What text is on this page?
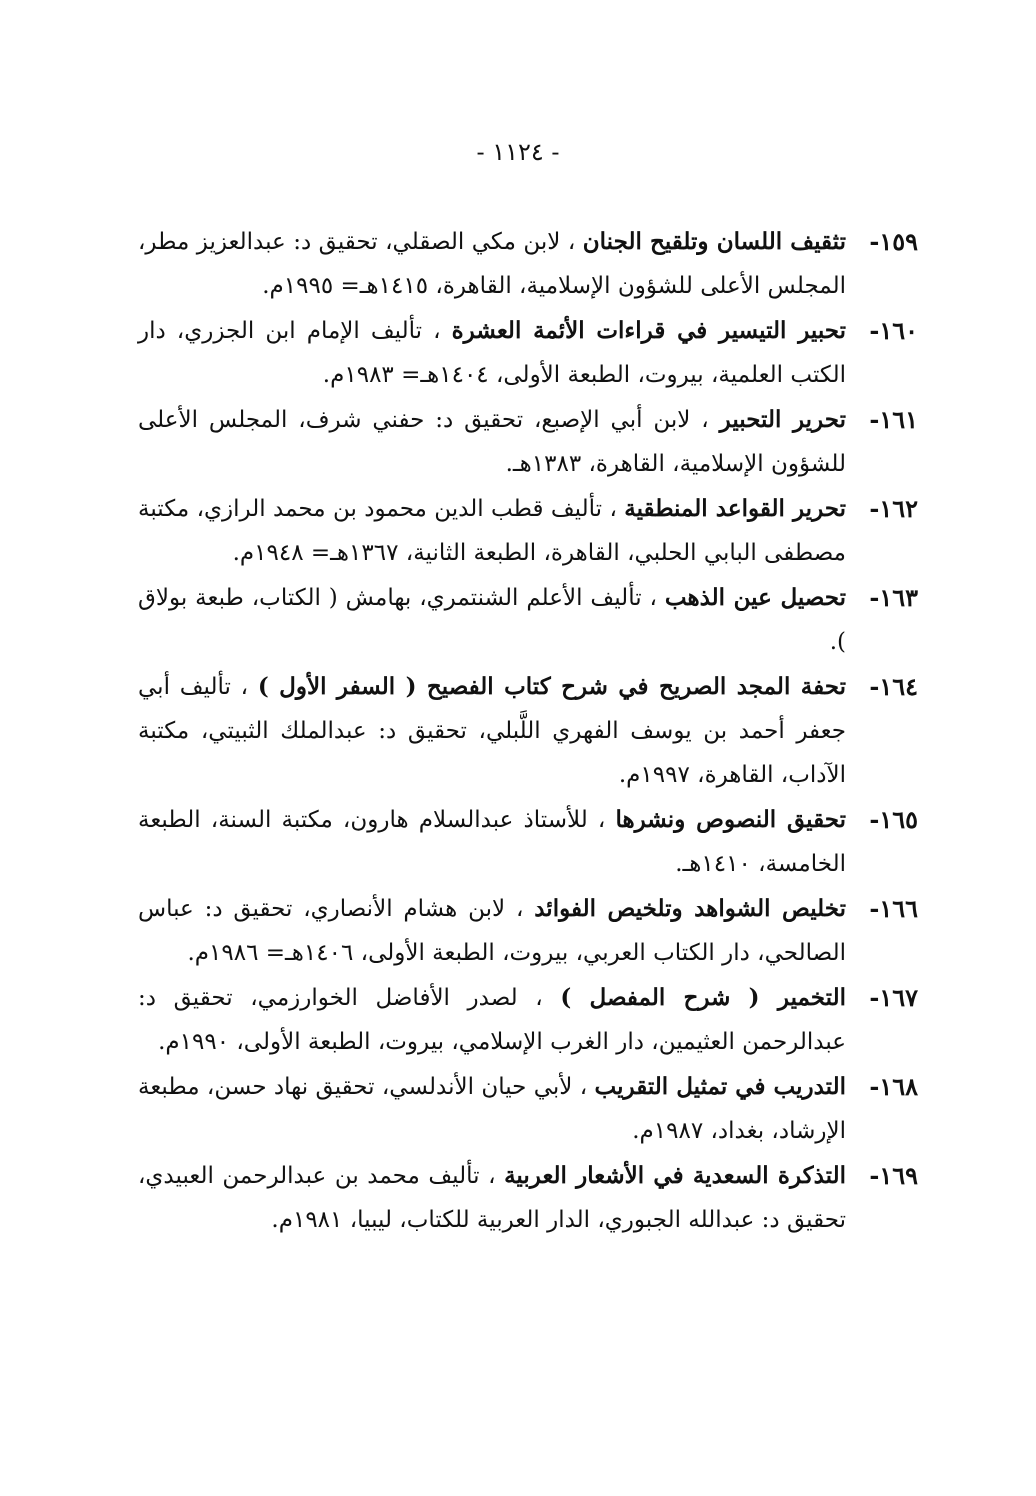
- ١١٢٤ -
١٥٩-
تثقيف اللسان وتلقيح الجنان ، لابن مكي الصقلي، تحقيق د: عبدالعزيز مطر، المجلس الأعلى للشؤون الإسلامية، القاهرة، ١٤١٥هـ= ١٩٩٥م.
١٦٠-
تحبير التيسير في قراءات الأئمة العشرة ، تأليف الإمام ابن الجزري، دار الكتب العلمية، بيروت، الطبعة الأولى، ١٤٠٤هـ= ١٩٨٣م.
١٦١-
تحرير التحبير ، لابن أبي الإصبع، تحقيق د: حفني شرف، المجلس الأعلى للشؤون الإسلامية، القاهرة، ١٣٨٣هـ.
١٦٢-
تحرير القواعد المنطقية ، تأليف قطب الدين محمود بن محمد الرازي، مكتبة مصطفى البابي الحلبي، القاهرة، الطبعة الثانية، ١٣٦٧هـ= ١٩٤٨م.
١٦٣-
تحصيل عين الذهب ، تأليف الأعلم الشنتمري، بهامش ( الكتاب، طبعة بولاق ).
١٦٤-
تحفة المجد الصريح في شرح كتاب الفصيح ( السفر الأول ) ، تأليف أبي جعفر أحمد بن يوسف الفهري اللَّبلي، تحقيق د: عبدالملك الثبيتي، مكتبة الآداب، القاهرة، ١٩٩٧م.
١٦٥-
تحقيق النصوص ونشرها ، للأستاذ عبدالسلام هارون، مكتبة السنة، الطبعة الخامسة، ١٤١٠هـ.
١٦٦-
تخليص الشواهد وتلخيص الفوائد ، لابن هشام الأنصاري، تحقيق د: عباس الصالحي، دار الكتاب العربي، بيروت، الطبعة الأولى، ١٤٠٦هـ= ١٩٨٦م.
١٦٧-
التخمير ( شرح المفصل ) ، لصدر الأفاضل الخوارزمي، تحقيق د: عبدالرحمن العثيمين، دار الغرب الإسلامي، بيروت، الطبعة الأولى، ١٩٩٠م.
١٦٨-
التدريب في تمثيل التقريب ، لأبي حيان الأندلسي، تحقيق نهاد حسن، مطبعة الإرشاد، بغداد، ١٩٨٧م.
١٦٩-
التذكرة السعدية في الأشعار العربية ، تأليف محمد بن عبدالرحمن العبيدي، تحقيق د: عبدالله الجبوري، الدار العربية للكتاب، ليبيا، ١٩٨١م.
